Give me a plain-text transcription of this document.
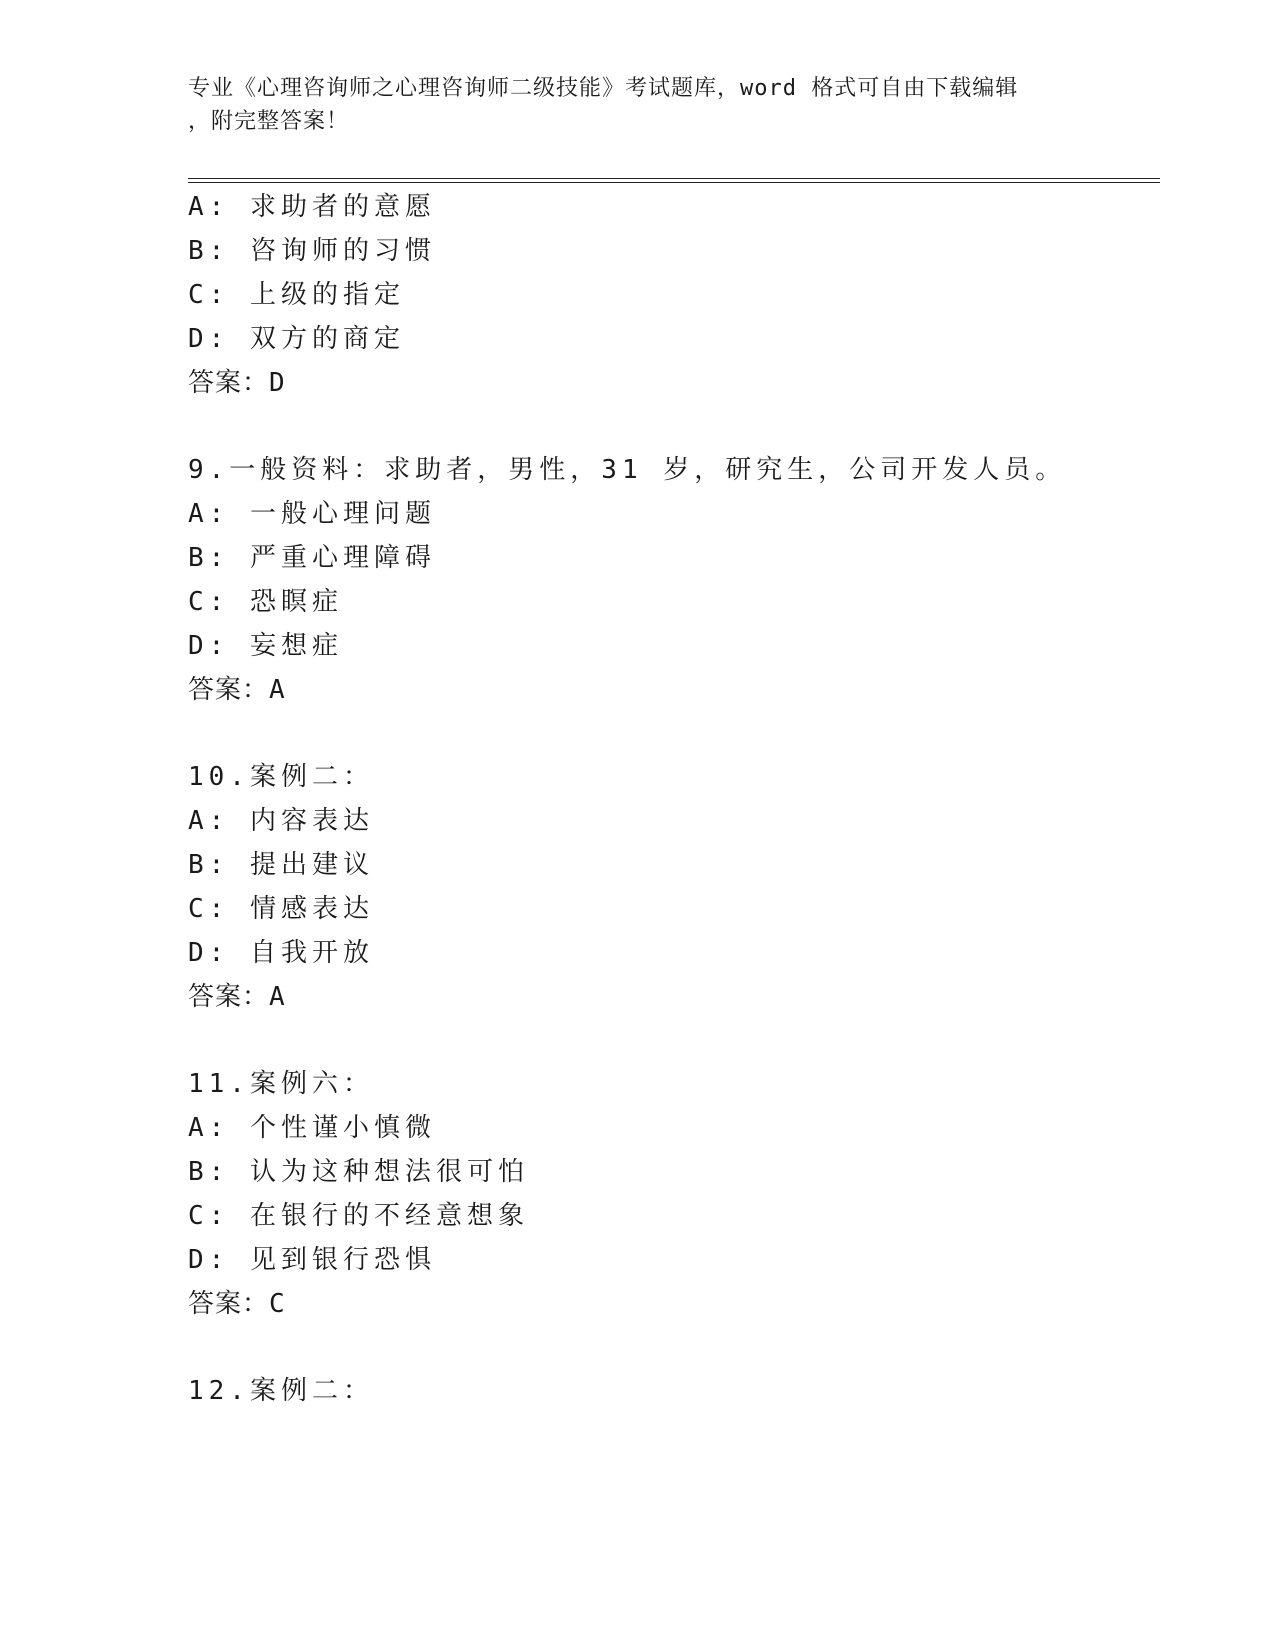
专业《心理咨询师之心理咨询师二级技能》考试题库，word 格式可自由下载编辑
，附完整答案！
A: 求助者的意愿
B: 咨询师的习惯
C: 上级的指定
D: 双方的商定
答案：D
9.一般资料：求助者，男性，31 岁，研究生，公司开发人员。
A: 一般心理问题
B: 严重心理障碍
C: 恐瞑症
D: 妄想症
答案：A
10.案例二：
A: 内容表达
B: 提出建议
C: 情感表达
D: 自我开放
答案：A
11.案例六：
A: 个性谨小慎微
B: 认为这种想法很可怕
C: 在银行的不经意想象
D: 见到银行恐惧
答案：C
12.案例二：
